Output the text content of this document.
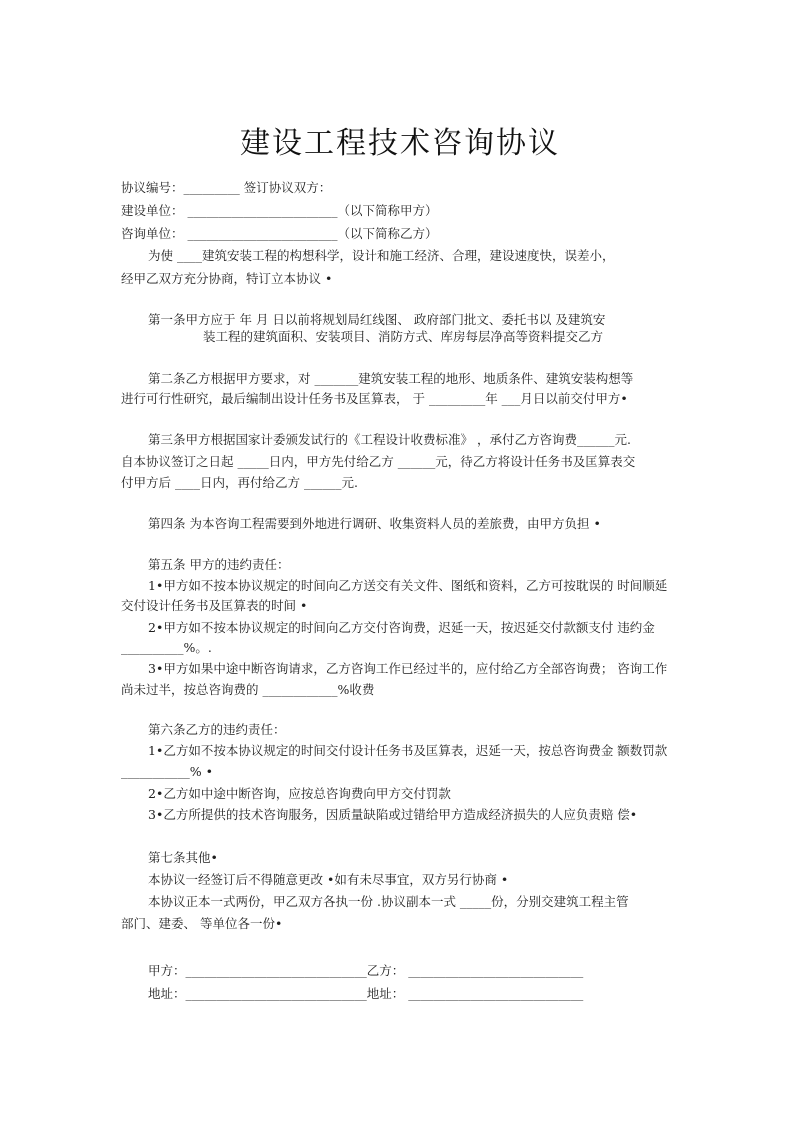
建设工程技术咨询协议
协议编号：_________ 签订协议双方：
建设单位： ________________________（以下简称甲方）
咨询单位： ________________________（以下简称乙方）
为使 ____建筑安装工程的构想科学，设计和施工经济、合理，建设速度快，误差小，
经甲乙双方充分协商，特订立本协议 •
第一条甲方应于 年 月 日以前将规划局红线图、 政府部门批文、委托书以 及建筑安
装工程的建筑面积、安装项目、消防方式、库房每层净高等资料提交乙方
第二条乙方根据甲方要求，对 _______建筑安装工程的地形、地质条件、建筑安装构想等
进行可行性研究，最后编制出设计任务书及匡算表， 于 _________年 ___月日以前交付甲方•
第三条甲方根据国家计委颁发试行的《工程设计收费标准》 ，承付乙方咨询费______元.
自本协议签订之日起 _____日内，甲方先付给乙方 ______元，待乙方将设计任务书及匡算表交
付甲方后 ____日内，再付给乙方 ______元.
第四条 为本咨询工程需要到外地进行调研、收集资料人员的差旅费，由甲方负担 •
第五条 甲方的违约责任：
1•甲方如不按本协议规定的时间向乙方送交有关文件、图纸和资料，乙方可按耽误的 时间顺延
交付设计任务书及匡算表的时间 •
2•甲方如不按本协议规定的时间向乙方交付咨询费，迟延一天，按迟延交付款额支付 违约金
__________%。.
3•甲方如果中途中断咨询请求，乙方咨询工作已经过半的，应付给乙方全部咨询费； 咨询工作
尚未过半，按总咨询费的 ____________%收费
第六条乙方的违约责任：
1•乙方如不按本协议规定的时间交付设计任务书及匡算表，迟延一天，按总咨询费金 额数罚款
___________% •
2•乙方如中途中断咨询，应按总咨询费向甲方交付罚款
3•乙方所提供的技术咨询服务，因质量缺陷或过错给甲方造成经济损失的人应负责赔 偿•
第七条其他•
本协议一经签订后不得随意更改 •如有未尽事宜，双方另行协商 •
本协议正本一式两份，甲乙双方各执一份 .协议副本一式 _____份，分别交建筑工程主管
部门、建委、 等单位各一份•
甲方：_____________________________乙方： ____________________________
地址：_____________________________地址： ____________________________
